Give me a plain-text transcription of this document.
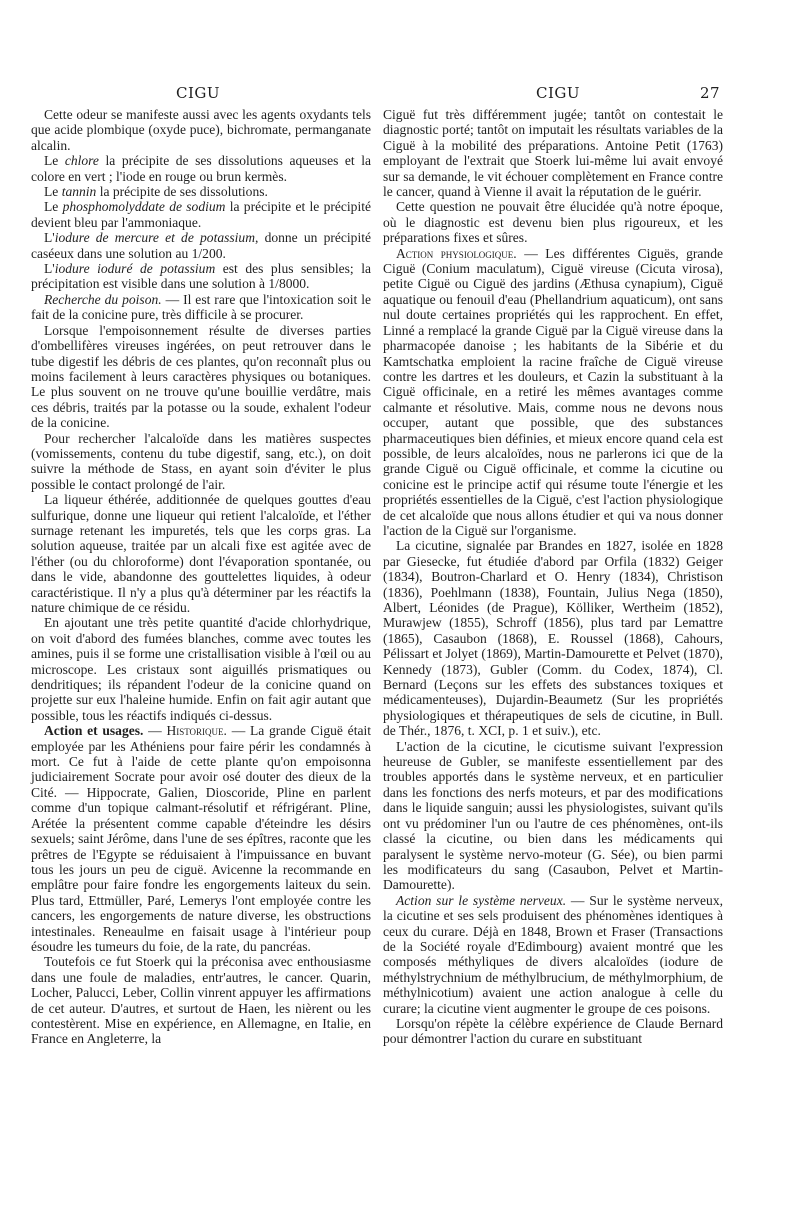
CIGU	CIGU	27

Cette odeur se manifeste aussi avec les agents oxydants tels que acide plombique (oxyde puce), bichromate, permanganate alcalin.

Le chlore la précipite de ses dissolutions aqueuses et la colore en vert ; l'iode en rouge ou brun kermès.

Le tannin la précipite de ses dissolutions.

Le phosphomolyddate de sodium la précipite et le précipité devient bleu par l'ammoniaque.

L'iodure de mercure et de potassium, donne un précipité caséeux dans une solution au 1/200.

L'iodure ioduré de potassium est des plus sensibles; la précipitation est visible dans une solution à 1/8000.

Recherche du poison. — Il est rare que l'intoxication soit le fait de la conicine pure, très difficile à se procurer.

Lorsque l'empoisonnement résulte de diverses parties d'ombellifères vireuses ingérées, on peut retrouver dans le tube digestif les débris de ces plantes, qu'on reconnaît plus ou moins facilement à leurs caractères physiques ou botaniques. Le plus souvent on ne trouve qu'une bouillie verdâtre, mais ces débris, traités par la potasse ou la soude, exhalent l'odeur de la conicine.

Pour rechercher l'alcaloïde dans les matières suspectes (vomissements, contenu du tube digestif, sang, etc.), on doit suivre la méthode de Stass, en ayant soin d'éviter le plus possible le contact prolongé de l'air.

La liqueur éthérée, additionnée de quelques gouttes d'eau sulfurique, donne une liqueur qui retient l'alcaloïde, et l'éther surnage retenant les impuretés, tels que les corps gras. La solution aqueuse, traitée par un alcali fixe est agitée avec de l'éther (ou du chloroforme) dont l'évaporation spontanée, ou dans le vide, abandonne des gouttelettes liquides, à odeur caractéristique. Il n'y a plus qu'à déterminer par les réactifs la nature chimique de ce résidu.

En ajoutant une très petite quantité d'acide chlorhydrique, on voit d'abord des fumées blanches, comme avec toutes les amines, puis il se forme une cristallisation visible à l'œil ou au microscope. Les cristaux sont aiguillés prismatiques ou dendritiques; ils répandent l'odeur de la conicine quand on projette sur eux l'haleine humide. Enfin on fait agir autant que possible, tous les réactifs indiqués ci-dessus.

Action et usages. — Historique. — La grande Ciguë était employée par les Athéniens pour faire périr les condamnés à mort. Ce fut à l'aide de cette plante qu'on empoisonna judiciairement Socrate pour avoir osé douter des dieux de la Cité. — Hippocrate, Galien, Dioscoride, Pline en parlent comme d'un topique calmant-résolutif et réfrigérant. Pline, Arétée la présentent comme capable d'éteindre les désirs sexuels; saint Jérôme, dans l'une de ses épîtres, raconte que les prêtres de l'Egypte se réduisaient à l'impuissance en buvant tous les jours un peu de ciguë. Avicenne la recommande en emplâtre pour faire fondre les engorgements laiteux du sein. Plus tard, Ettmüller, Paré, Lemerys l'ont employée contre les cancers, les engorgements de nature diverse, les obstructions intestinales. Reneaulme en faisait usage à l'intérieur poup ésoudre les tumeurs du foie, de la rate, du pancréas.

Toutefois ce fut Stoerk qui la préconisa avec enthousiasme dans une foule de maladies, entr'autres, le cancer. Quarin, Locher, Palucci, Leber, Collin vinrent appuyer les affirmations de cet auteur. D'autres, et surtout de Haen, les nièrent ou les contestèrent. Mise en expérience, en Allemagne, en Italie, en France en Angleterre, la

Ciguë fut très différemment jugée; tantôt on contestait le diagnostic porté; tantôt on imputait les résultats variables de la Ciguë à la mobilité des préparations. Antoine Petit (1763) employant de l'extrait que Stoerk lui-même lui avait envoyé sur sa demande, le vit échouer complètement en France contre le cancer, quand à Vienne il avait la réputation de le guérir.

Cette question ne pouvait être élucidée qu'à notre époque, où le diagnostic est devenu bien plus rigoureux, et les préparations fixes et sûres.

Action physiologique. — Les différentes Ciguës, grande Ciguë (Conium maculatum), Ciguë vireuse (Cicuta virosa), petite Ciguë ou Ciguë des jardins (Æthusa cynapium), Ciguë aquatique ou fenouil d'eau (Phellandrium aquaticum), ont sans nul doute certaines propriétés qui les rapprochent. En effet, Linné a remplacé la grande Ciguë par la Ciguë vireuse dans la pharmacopée danoise ; les habitants de la Sibérie et du Kamtschatka emploient la racine fraîche de Ciguë vireuse contre les dartres et les douleurs, et Cazin la substituant à la Ciguë officinale, en a retiré les mêmes avantages comme calmante et résolutive. Mais, comme nous ne devons nous occuper, autant que possible, que des substances pharmaceutiques bien définies, et mieux encore quand cela est possible, de leurs alcaloïdes, nous ne parlerons ici que de la grande Ciguë ou Ciguë officinale, et comme la cicutine ou conicine est le principe actif qui résume toute l'énergie et les propriétés essentielles de la Ciguë, c'est l'action physiologique de cet alcaloïde que nous allons étudier et qui va nous donner l'action de la Ciguë sur l'organisme.

La cicutine, signalée par Brandes en 1827, isolée en 1828 par Giesecke, fut étudiée d'abord par Orfila (1832) Geiger (1834), Boutron-Charlard et O. Henry (1834), Christison (1836), Poehlmann (1838), Fountain, Julius Nega (1850), Albert, Léonides (de Prague), Kölliker, Wertheim (1852), Murawjew (1855), Schroff (1856), plus tard par Lemattre (1865), Casaubon (1868), E. Roussel (1868), Cahours, Pélissart et Jolyet (1869), Martin-Damourette et Pelvet (1870), Kennedy (1873), Gubler (Comm. du Codex, 1874), Cl. Bernard (Leçons sur les effets des substances toxiques et médicamenteuses), Dujardin-Beaumetz (Sur les propriétés physiologiques et thérapeutiques de sels de cicutine, in Bull. de Thér., 1876, t. XCI, p. 1 et suiv.), etc.

L'action de la cicutine, le cicutisme suivant l'expression heureuse de Gubler, se manifeste essentiellement par des troubles apportés dans le système nerveux, et en particulier dans les fonctions des nerfs moteurs, et par des modifications dans le liquide sanguin; aussi les physiologistes, suivant qu'ils ont vu prédominer l'un ou l'autre de ces phénomènes, ont-ils classé la cicutine, ou bien dans les médicaments qui paralysent le système nervo-moteur (G. Sée), ou bien parmi les modificateurs du sang (Casaubon, Pelvet et Martin-Damourette).

Action sur le système nerveux. — Sur le système nerveux, la cicutine et ses sels produisent des phénomènes identiques à ceux du curare. Déjà en 1848, Brown et Fraser (Transactions de la Société royale d'Edimbourg) avaient montré que les composés méthyliques de divers alcaloïdes (iodure de méthylstrychnium de méthylbrucium, de méthylmorphium, de méthylnicotium) avaient une action analogue à celle du curare; la cicutine vient augmenter le groupe de ces poisons.

Lorsqu'on répète la célèbre expérience de Claude Bernard pour démontrer l'action du curare en substituant
